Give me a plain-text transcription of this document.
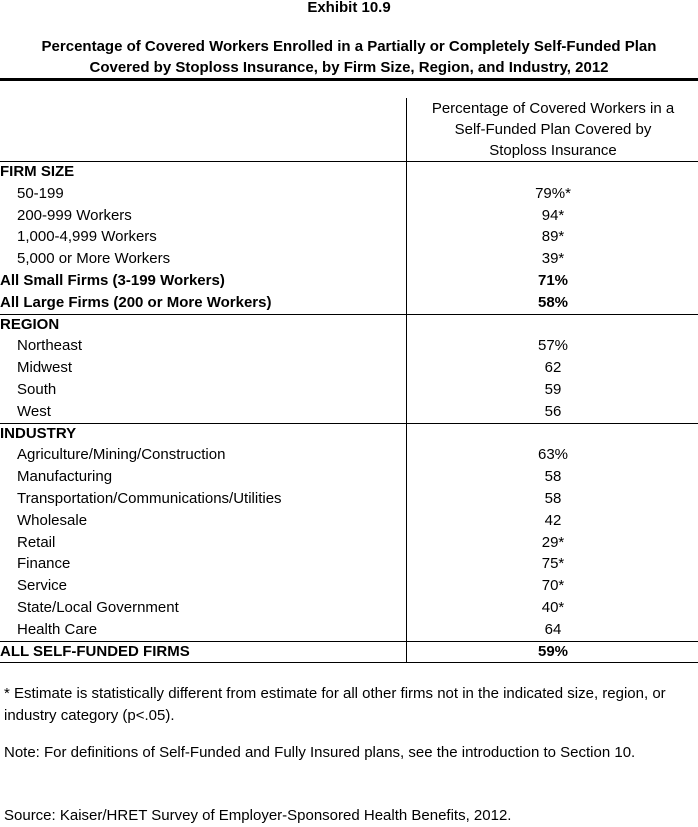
Exhibit 10.9
Percentage of Covered Workers Enrolled in a Partially or Completely Self-Funded Plan
Covered by Stoploss Insurance, by Firm Size, Region, and Industry, 2012
Percentage of Covered Workers in a
Self-Funded Plan Covered by
Stoploss Insurance
FIRM SIZE
50-199	79%*
200-999 Workers	94*
1,000-4,999 Workers	89*
5,000 or More Workers	39*
All Small Firms (3-199 Workers)	71%
All Large Firms (200 or More Workers)	58%
REGION
Northeast	57%
Midwest	62
South	59
West	56
INDUSTRY
Agriculture/Mining/Construction	63%
Manufacturing	58
Transportation/Communications/Utilities	58
Wholesale	42
Retail	29*
Finance	75*
Service	70*
State/Local Government	40*
Health Care	64
ALL SELF-FUNDED FIRMS	59%
* Estimate is statistically different from estimate for all other firms not in the indicated size, region, or industry category (p<.05).
Note: For definitions of Self-Funded and Fully Insured plans, see the introduction to Section 10.
Source: Kaiser/HRET Survey of Employer-Sponsored Health Benefits, 2012.
